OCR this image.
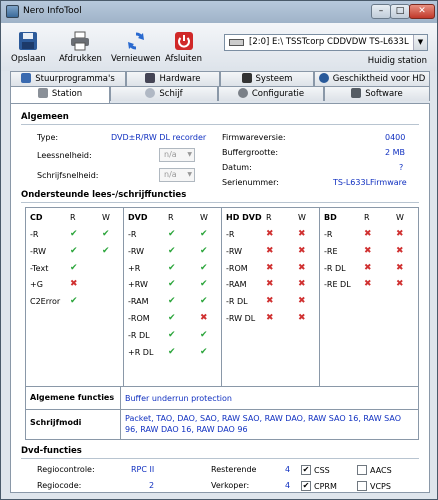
Nero InfoTool	–	□	✕
Opslaan Afdrukken Vernieuwen Afsluiten
[2:0] E:\ TSSTcorp CDDVDW TS-L633L	▼
Huidig station
Stuurprogramma's	Hardware	Systeem	Geschiktheid voor HD
Station	Schijf	Configuratie	Software
Algemeen
Type:	DVD±R/RW DL recorder
Leessnelheid:	n/a ▼
Schrijfsnelheid:	n/a ▼
Firmwareversie:	0400
Buffergrootte:	2 MB
Datum:	?
Serienummer:	TS-L633LFirmware
Ondersteunde lees-/schrijffuncties
CD	R	W
-R	✔	✔
-RW	✔	✔
-Text ✔
+G	✖
C2Error ✔
DVD	R	W
-R	✔	✔
-RW	✔	✔
+R	✔	✔
+RW ✔	✔
-RAM ✔	✔
-ROM ✔	✖
-R DL ✔	✔
+R DL ✔	✔
HD DVD R	W
-R	✖	✖
-RW	✖	✖
-ROM ✖	✖
-RAM ✖	✖
-R DL ✖	✖
-RW DL ✖	✖
BD	R	W
-R	✖	✖
-RE	✖	✖
-R DL ✖	✖
-RE DL ✖	✖
Algemene functies Buffer underrun protection
Schrijfmodi	Packet, TAO, DAO, SAO, RAW SAO, RAW DAO, RAW SAO 16, RAW SAO 96, RAW DAO 16, RAW DAO 96
Dvd-functies
Regiocontrole:	RPC II
Regiocode:	2
Resterende	4
Verkoper:	4
✔ CSS
✔ CPRM
AACS
VCPS
